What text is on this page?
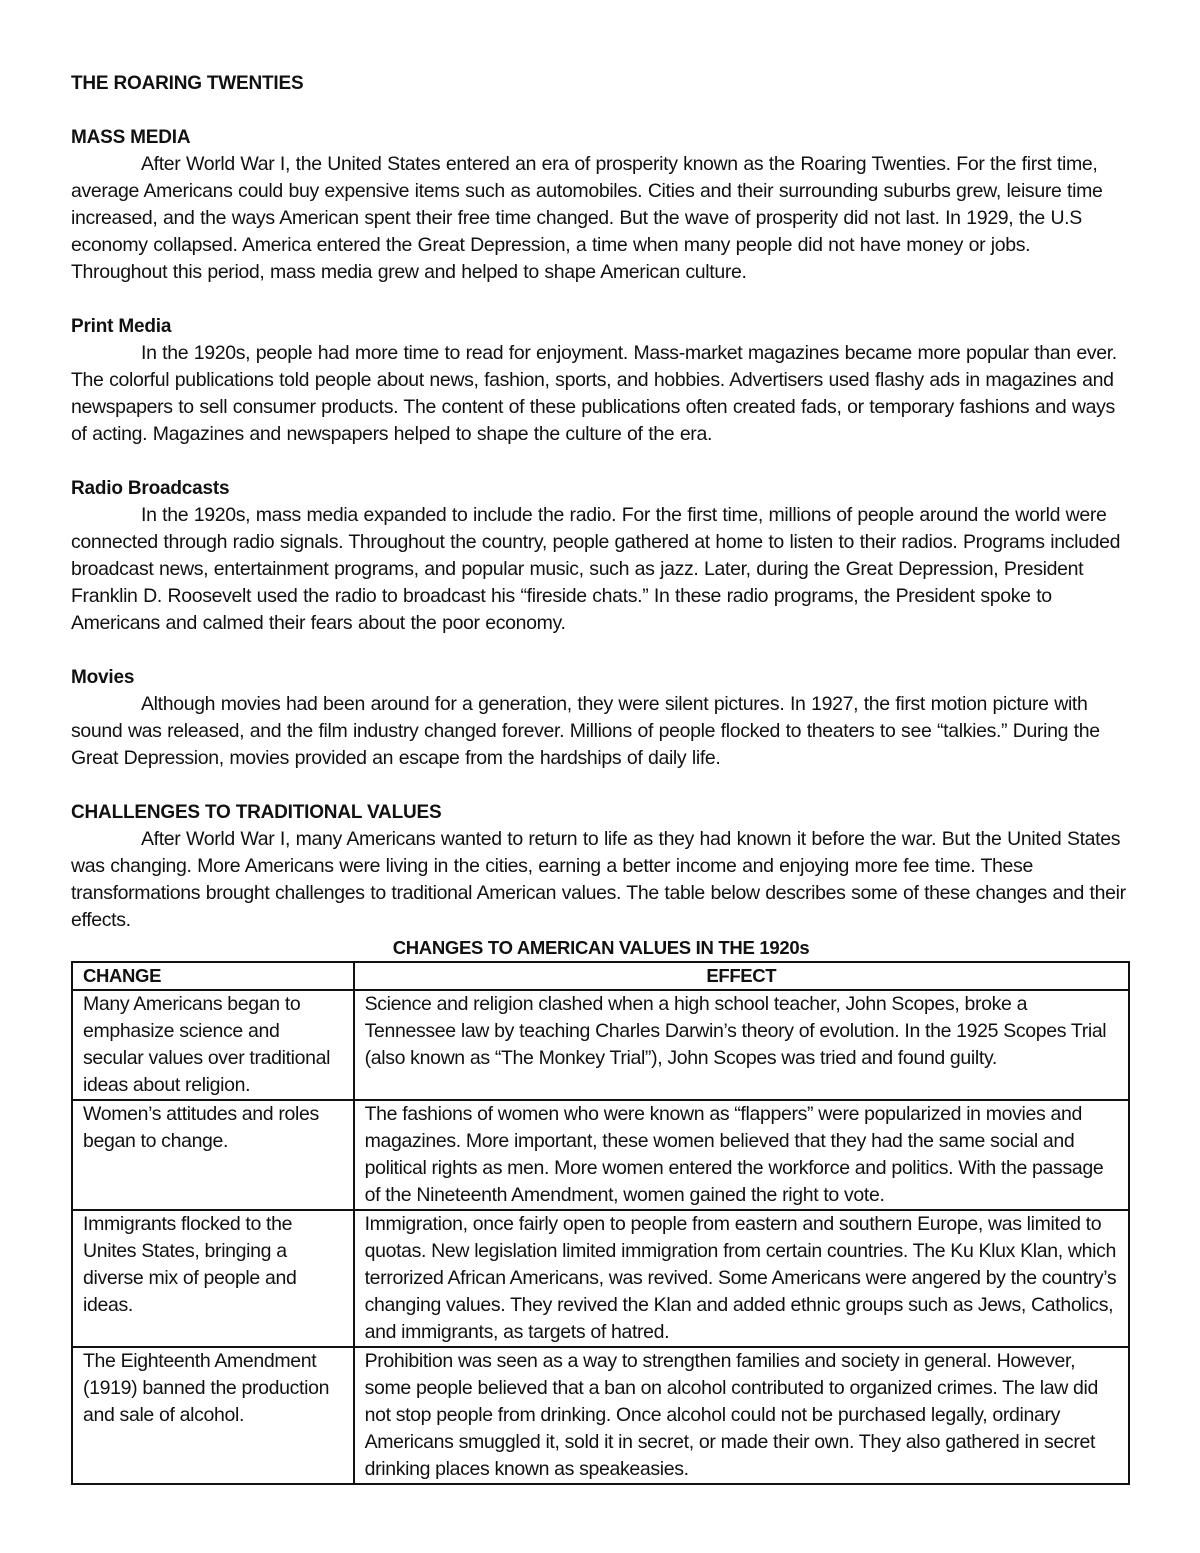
THE ROARING TWENTIES
MASS MEDIA

After World War I, the United States entered an era of prosperity known as the Roaring Twenties. For the first time, average Americans could buy expensive items such as automobiles. Cities and their surrounding suburbs grew, leisure time increased, and the ways American spent their free time changed. But the wave of prosperity did not last. In 1929, the U.S economy collapsed. America entered the Great Depression, a time when many people did not have money or jobs. Throughout this period, mass media grew and helped to shape American culture.

Print Media

In the 1920s, people had more time to read for enjoyment. Mass-market magazines became more popular than ever. The colorful publications told people about news, fashion, sports, and hobbies. Advertisers used flashy ads in magazines and newspapers to sell consumer products. The content of these publications often created fads, or temporary fashions and ways of acting. Magazines and newspapers helped to shape the culture of the era.

Radio Broadcasts

In the 1920s, mass media expanded to include the radio. For the first time, millions of people around the world were connected through radio signals. Throughout the country, people gathered at home to listen to their radios. Programs included broadcast news, entertainment programs, and popular music, such as jazz. Later, during the Great Depression, President Franklin D. Roosevelt used the radio to broadcast his “fireside chats.” In these radio programs, the President spoke to Americans and calmed their fears about the poor economy.

Movies

Although movies had been around for a generation, they were silent pictures. In 1927, the first motion picture with sound was released, and the film industry changed forever. Millions of people flocked to theaters to see “talkies.” During the Great Depression, movies provided an escape from the hardships of daily life.

CHALLENGES TO TRADITIONAL VALUES

After World War I, many Americans wanted to return to life as they had known it before the war. But the United States was changing. More Americans were living in the cities, earning a better income and enjoying more fee time. These transformations brought challenges to traditional American values. The table below describes some of these changes and their effects.

CHANGES TO AMERICAN VALUES IN THE 1920s

CHANGE	EFFECT
Many Americans began to emphasize science and secular values over traditional ideas about religion.	Science and religion clashed when a high school teacher, John Scopes, broke a Tennessee law by teaching Charles Darwin’s theory of evolution. In the 1925 Scopes Trial (also known as “The Monkey Trial”), John Scopes was tried and found guilty.
Women’s attitudes and roles began to change.	The fashions of women who were known as “flappers” were popularized in movies and magazines. More important, these women believed that they had the same social and political rights as men. More women entered the workforce and politics. With the passage of the Nineteenth Amendment, women gained the right to vote.
Immigrants flocked to the Unites States, bringing a diverse mix of people and ideas.	Immigration, once fairly open to people from eastern and southern Europe, was limited to quotas. New legislation limited immigration from certain countries. The Ku Klux Klan, which terrorized African Americans, was revived. Some Americans were angered by the country’s changing values. They revived the Klan and added ethnic groups such as Jews, Catholics, and immigrants, as targets of hatred.
The Eighteenth Amendment (1919) banned the production and sale of alcohol.	Prohibition was seen as a way to strengthen families and society in general. However, some people believed that a ban on alcohol contributed to organized crimes. The law did not stop people from drinking. Once alcohol could not be purchased legally, ordinary Americans smuggled it, sold it in secret, or made their own. They also gathered in secret drinking places known as speakeasies.
